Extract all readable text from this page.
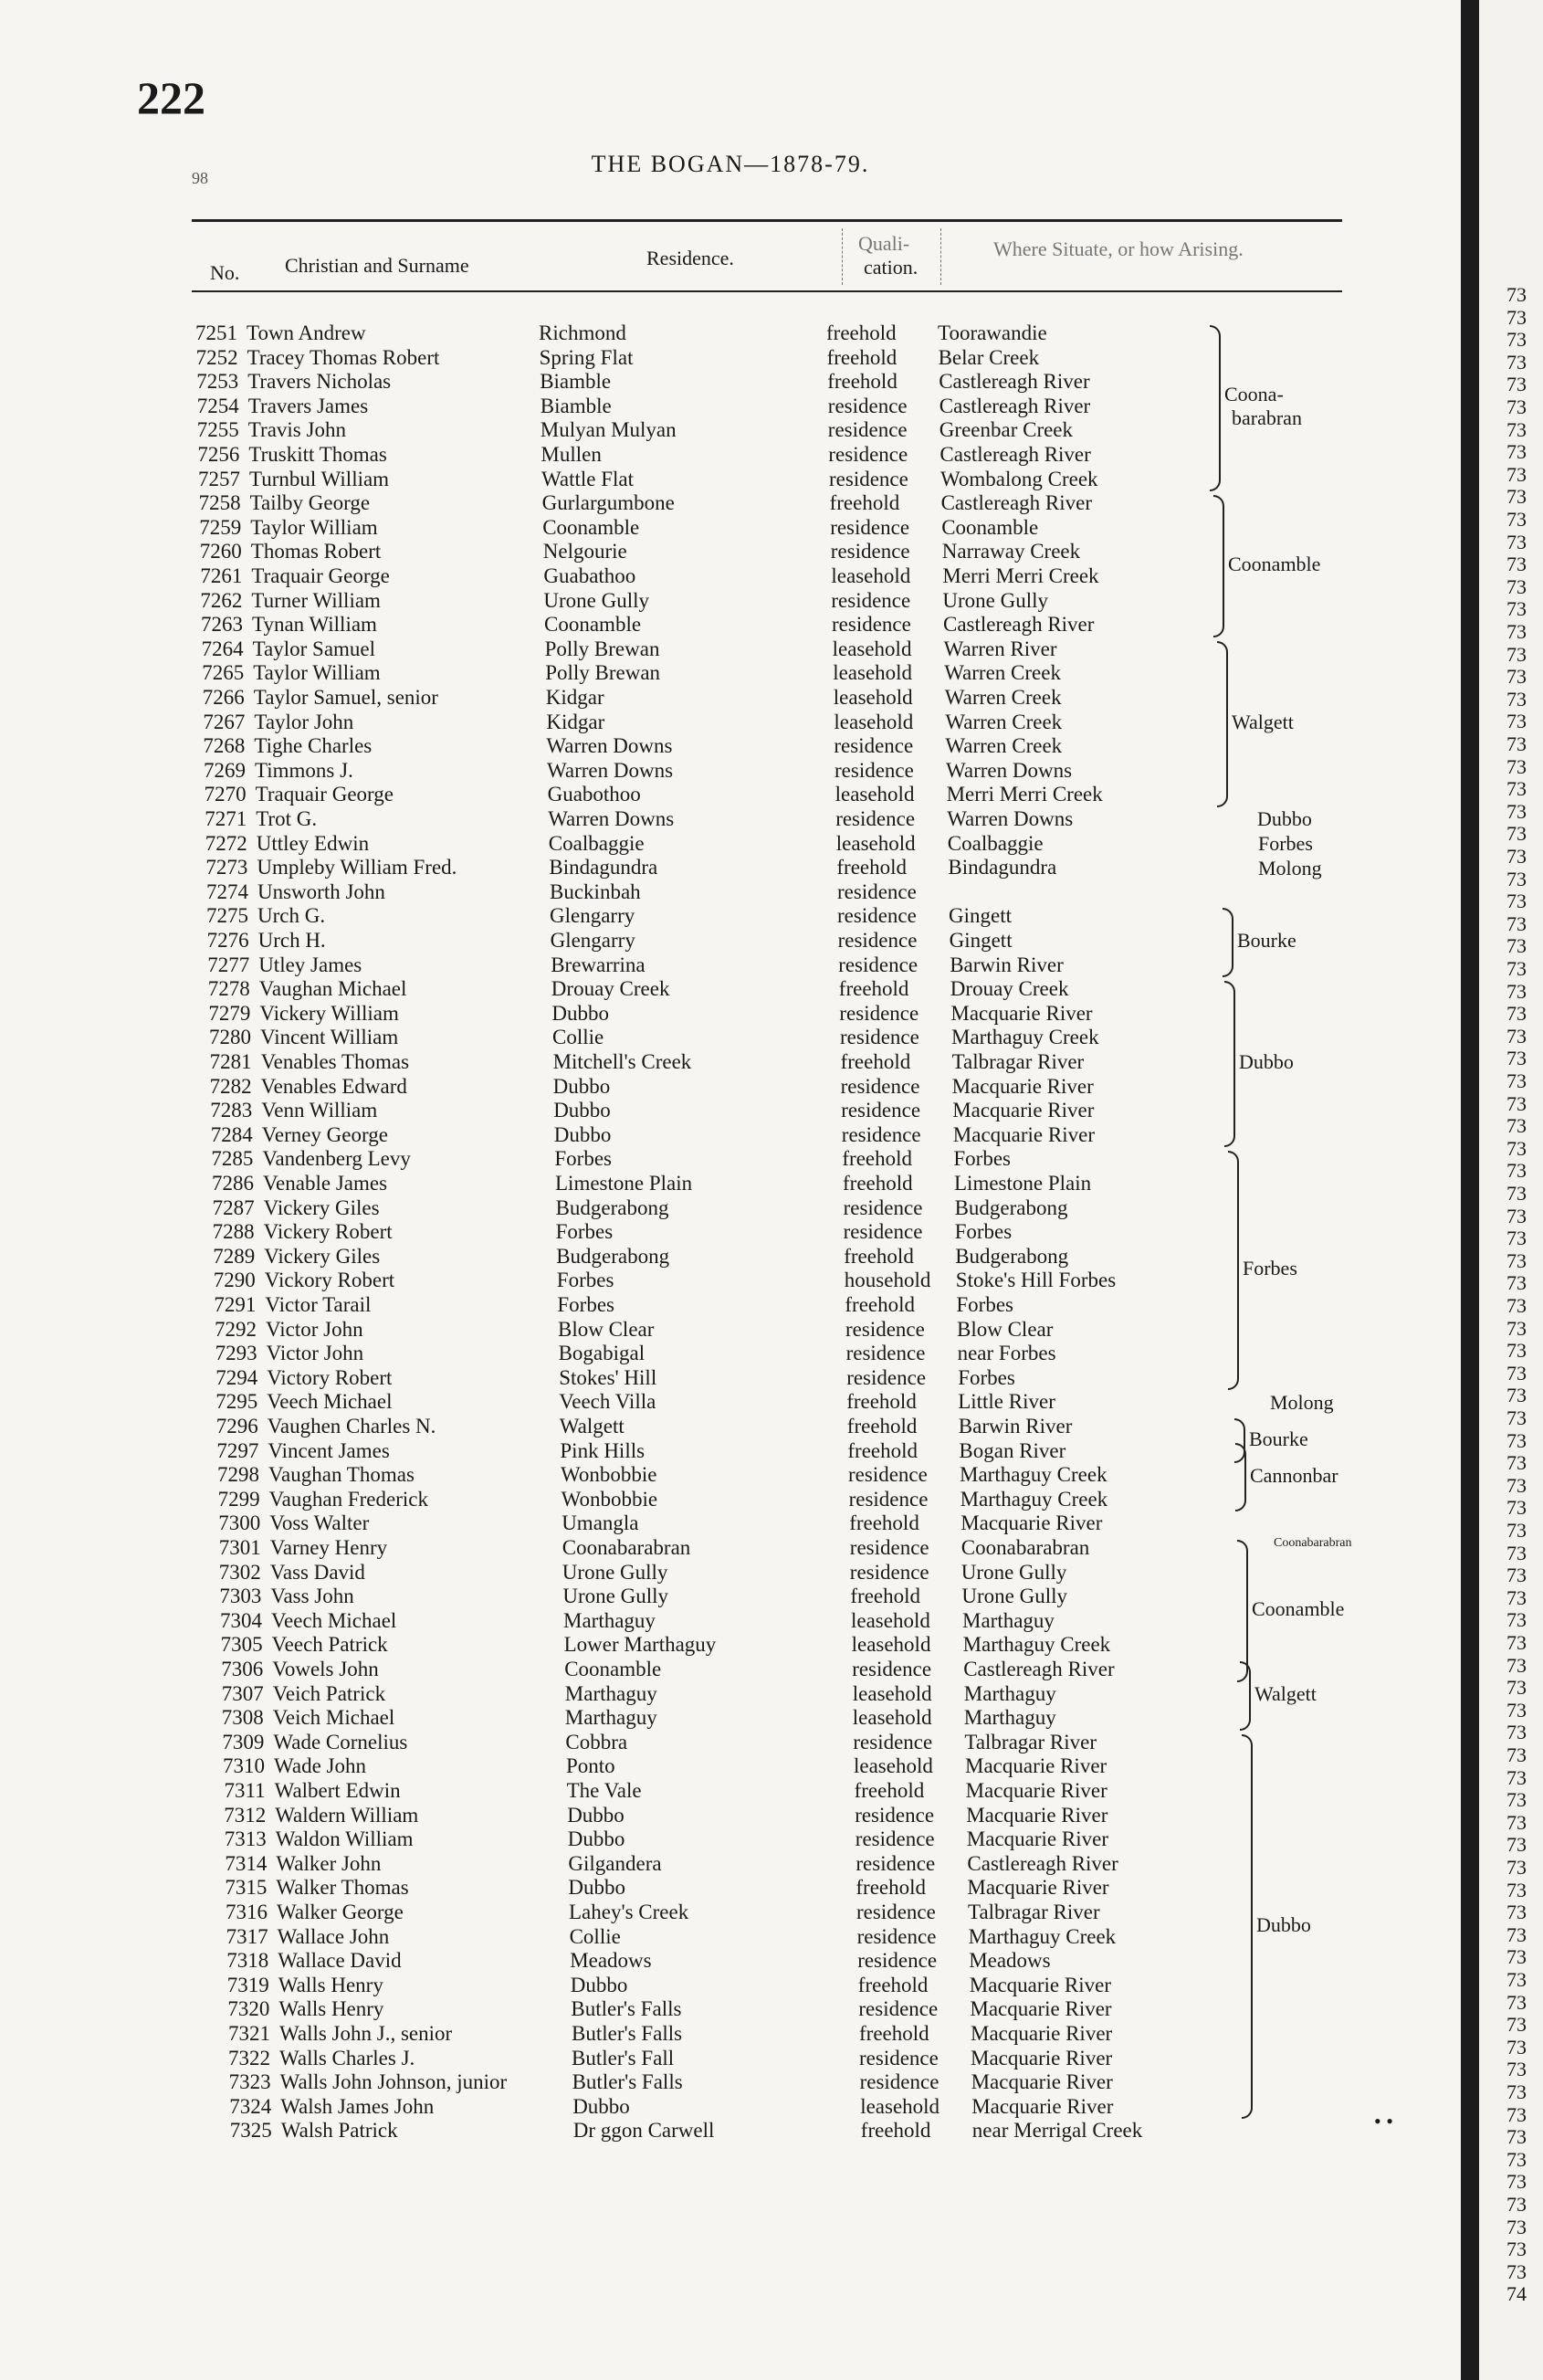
222
98
THE BOGAN—1878-79.
No. Christian and Surname	Residence.
Quali-
cation.
Where Situate, or how Arising.
7251 Town Andrew	Richmond	freehold Toorawandie
7252 Tracey Thomas Robert	Spring Flat	freehold Belar Creek
7253 Travers Nicholas	Biamble	freehold Castlereagh River
7254 Travers James	Biamble	residence Castlereagh River
7255 Travis John	Mulyan Mulyan	residence Greenbar Creek
7256 Truskitt Thomas	Mullen	residence Castlereagh River
7257 Turnbul William	Wattle Flat	residence Wombalong Creek
7258 Tailby George	Gurlargumbone	freehold Castlereagh River
7259 Taylor William	Coonamble	residence Coonamble
7260 Thomas Robert	Nelgourie	residence Narraway Creek
7261 Traquair George	Guabathoo	leasehold Merri Merri Creek
7262 Turner William	Urone Gully	residence Urone Gully
7263 Tynan William	Coonamble	residence Castlereagh River
7264 Taylor Samuel	Polly Brewan	leasehold Warren River
7265 Taylor William	Polly Brewan	leasehold Warren Creek
7266 Taylor Samuel, senior	Kidgar	leasehold Warren Creek
7267 Taylor John	Kidgar	leasehold Warren Creek
7268 Tighe Charles	Warren Downs	residence Warren Creek
7269 Timmons J.	Warren Downs	residence Warren Downs
7270 Traquair George	Guabothoo	leasehold Merri Merri Creek
7271 Trot G.	Warren Downs	residence Warren Downs
7272 Uttley Edwin	Coalbaggie	leasehold Coalbaggie
7273 Umpleby William Fred.	Bindagundra	freehold Bindagundra
7274 Unsworth John	Buckinbah	residence
7275 Urch G.	Glengarry	residence Gingett
7276 Urch H.	Glengarry	residence Gingett
7277 Utley James	Brewarrina	residence Barwin River
7278 Vaughan Michael	Drouay Creek	freehold Drouay Creek
7279 Vickery William	Dubbo	residence Macquarie River
7280 Vincent William	Collie	residence Marthaguy Creek
7281 Venables Thomas	Mitchell's Creek	freehold Talbragar River
7282 Venables Edward	Dubbo	residence Macquarie River
7283 Venn William	Dubbo	residence Macquarie River
7284 Verney George	Dubbo	residence Macquarie River
7285 Vandenberg Levy	Forbes	freehold Forbes
7286 Venable James	Limestone Plain	freehold Limestone Plain
7287 Vickery Giles	Budgerabong	residence Budgerabong
7288 Vickery Robert	Forbes	residence Forbes
7289 Vickery Giles	Budgerabong	freehold Budgerabong
7290 Vickory Robert	Forbes	household Stoke's Hill Forbes
7291 Victor Tarail	Forbes	freehold Forbes
7292 Victor John	Blow Clear	residence Blow Clear
7293 Victor John	Bogabigal	residence near Forbes
7294 Victory Robert	Stokes' Hill	residence Forbes
7295 Veech Michael	Veech Villa	freehold Little River
7296 Vaughen Charles N.	Walgett	freehold Barwin River
7297 Vincent James	Pink Hills	freehold Bogan River
7298 Vaughan Thomas	Wonbobbie	residence Marthaguy Creek
7299 Vaughan Frederick	Wonbobbie	residence Marthaguy Creek
7300 Voss Walter	Umangla	freehold Macquarie River
7301 Varney Henry	Coonabarabran	residence Coonabarabran
7302 Vass David	Urone Gully	residence Urone Gully
7303 Vass John	Urone Gully	freehold Urone Gully
7304 Veech Michael	Marthaguy	leasehold Marthaguy
7305 Veech Patrick	Lower Marthaguy	leasehold Marthaguy Creek
7306 Vowels John	Coonamble	residence Castlereagh River
7307 Veich Patrick	Marthaguy	leasehold Marthaguy
7308 Veich Michael	Marthaguy	leasehold Marthaguy
7309 Wade Cornelius	Cobbra	residence Talbragar River
7310 Wade John	Ponto	leasehold Macquarie River
7311 Walbert Edwin	The Vale	freehold Macquarie River
7312 Waldern William	Dubbo	residence Macquarie River
7313 Waldon William	Dubbo	residence Macquarie River
7314 Walker John	Gilgandera	residence Castlereagh River
7315 Walker Thomas	Dubbo	freehold Macquarie River
7316 Walker George	Lahey's Creek	residence Talbragar River
7317 Wallace John	Collie	residence Marthaguy Creek
7318 Wallace David	Meadows	residence Meadows
7319 Walls Henry	Dubbo	freehold Macquarie River
7320 Walls Henry	Butler's Falls	residence Macquarie River
7321 Walls John J., senior	Butler's Falls	freehold Macquarie River
7322 Walls Charles J.	Butler's Fall	residence Macquarie River
7323 Walls John Johnson, junior	Butler's Falls	residence Macquarie River
7324 Walsh James John	Dubbo	leasehold Macquarie River
7325 Walsh Patrick	Dr ggon Carwell	freehold near Merrigal Creek
Coona-
barabran
Coonamble
Walgett
Dubbo
Forbes
Molong
Bourke
Dubbo
Forbes
Molong
Bourke
Cannonbar
Coonabarabran
Coonamble
Walgett
Dubbo
• •
73
73
73
73
73
73
73
73
73
73
73
73
73
73
73
73
73
73
73
73
73
73
73
73
73
73
73
73
73
73
73
73
73
73
73
73
73
73
73
73
73
73
73
73
73
73
73
73
73
73
73
73
73
73
73
73
73
73
73
73
73
73
73
73
73
73
73
73
73
73
73
73
73
73
73
73
73
73
73
73
73
73
73
73
73
73
73
73
73
74
